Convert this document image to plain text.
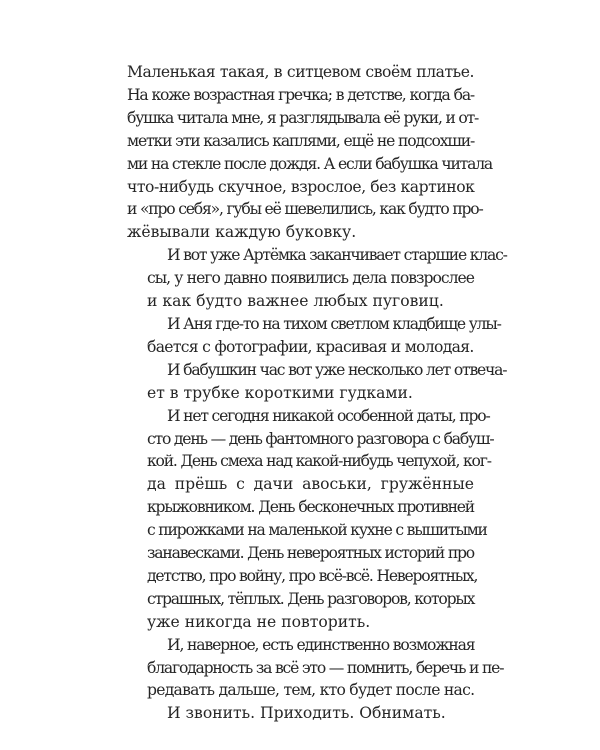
Маленькая такая, в ситцевом своём платье.
На коже возрастная гречка; в детстве, когда ба-
бушка читала мне, я разглядывала её руки, и от-
метки эти казались каплями, ещё не подсохши-
ми на стекле после дождя. А если бабушка читала
что-нибудь скучное, взрослое, без картинок
и «про себя», губы её шевелились, как будто про-
жёвывали каждую буковку.

И вот уже Артёмка заканчивает старшие клас-
сы, у него давно появились дела повзрослее
и как будто важнее любых пуговиц.

И Аня где-то на тихом светлом кладбище улы-
бается с фотографии, красивая и молодая.

И бабушкин час вот уже несколько лет отвеча-
ет в трубке короткими гудками.

И нет сегодня никакой особенной даты, про-
сто день — день фантомного разговора с бабуш-
кой. День смеха над какой-нибудь чепухой, ког-
да прёшь с дачи авоськи, гружённые
крыжовником. День бесконечных противней
с пирожками на маленькой кухне с вышитыми
занавесками. День невероятных историй про
детство, про войну, про всё-всё. Невероятных,
страшных, тёплых. День разговоров, которых
уже никогда не повторить.

И, наверное, есть единственно возможная
благодарность за всё это — помнить, беречь и пе-
редавать дальше, тем, кто будет после нас.

И звонить. Приходить. Обнимать.
